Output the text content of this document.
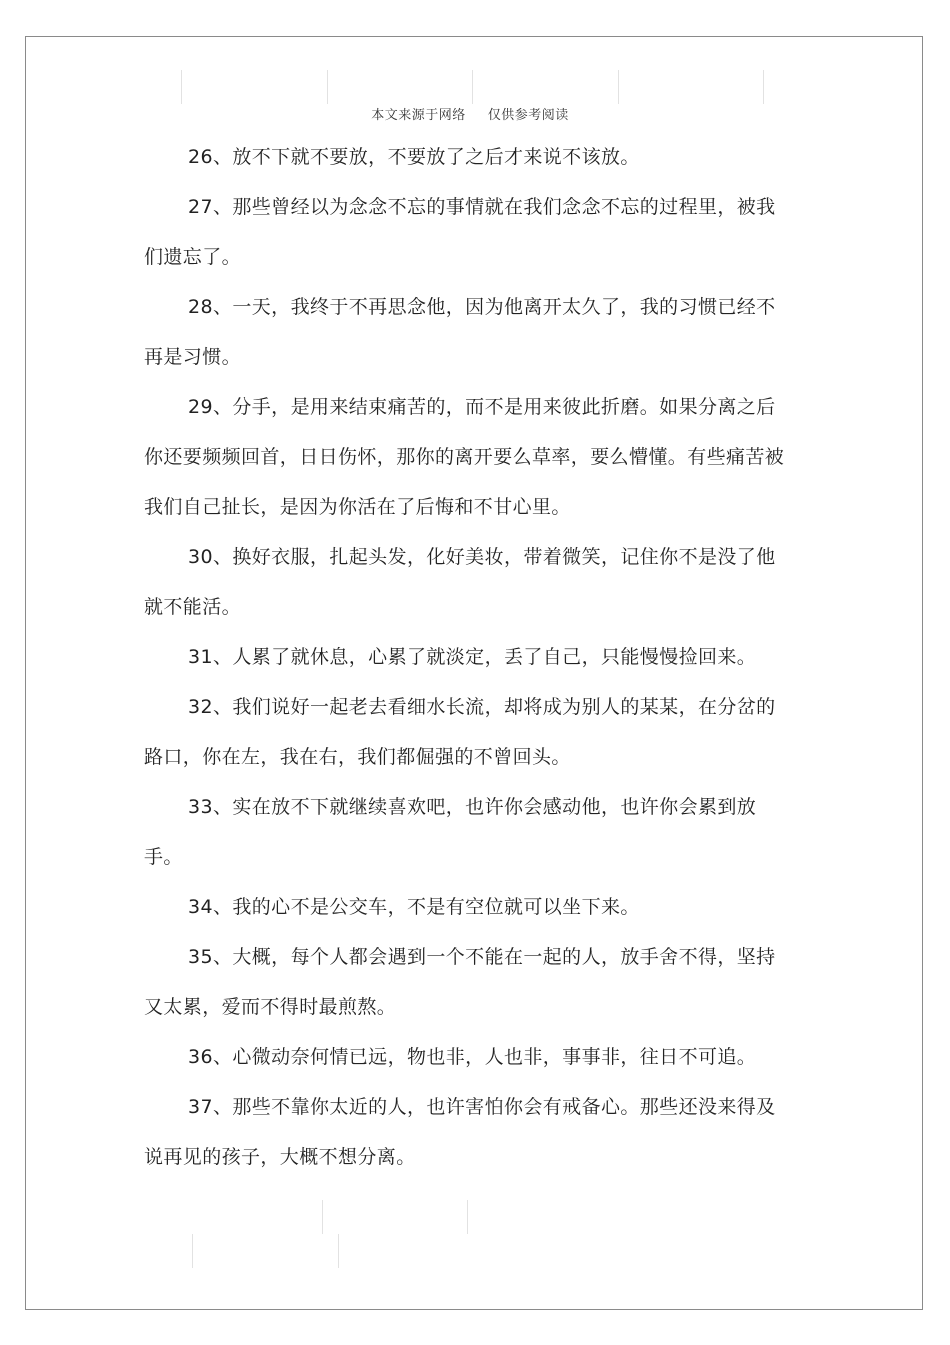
本文来源于网络 仅供参考阅读

26、放不下就不要放，不要放了之后才来说不该放。

27、那些曾经以为念念不忘的事情就在我们念念不忘的过程里，被我们遗忘了。

28、一天，我终于不再思念他，因为他离开太久了，我的习惯已经不再是习惯。

29、分手，是用来结束痛苦的，而不是用来彼此折磨。如果分离之后你还要频频回首，日日伤怀，那你的离开要么草率，要么懵懂。有些痛苦被我们自己扯长，是因为你活在了后悔和不甘心里。

30、换好衣服，扎起头发，化好美妆，带着微笑，记住你不是没了他就不能活。

31、人累了就休息，心累了就淡定，丢了自己，只能慢慢捡回来。

32、我们说好一起老去看细水长流，却将成为别人的某某，在分岔的路口，你在左，我在右，我们都倔强的不曾回头。

33、实在放不下就继续喜欢吧，也许你会感动他，也许你会累到放手。

34、我的心不是公交车，不是有空位就可以坐下来。

35、大概，每个人都会遇到一个不能在一起的人，放手舍不得，坚持又太累，爱而不得时最煎熬。

36、心微动奈何情已远，物也非，人也非，事事非，往日不可追。

37、那些不靠你太近的人，也许害怕你会有戒备心。那些还没来得及说再见的孩子，大概不想分离。
